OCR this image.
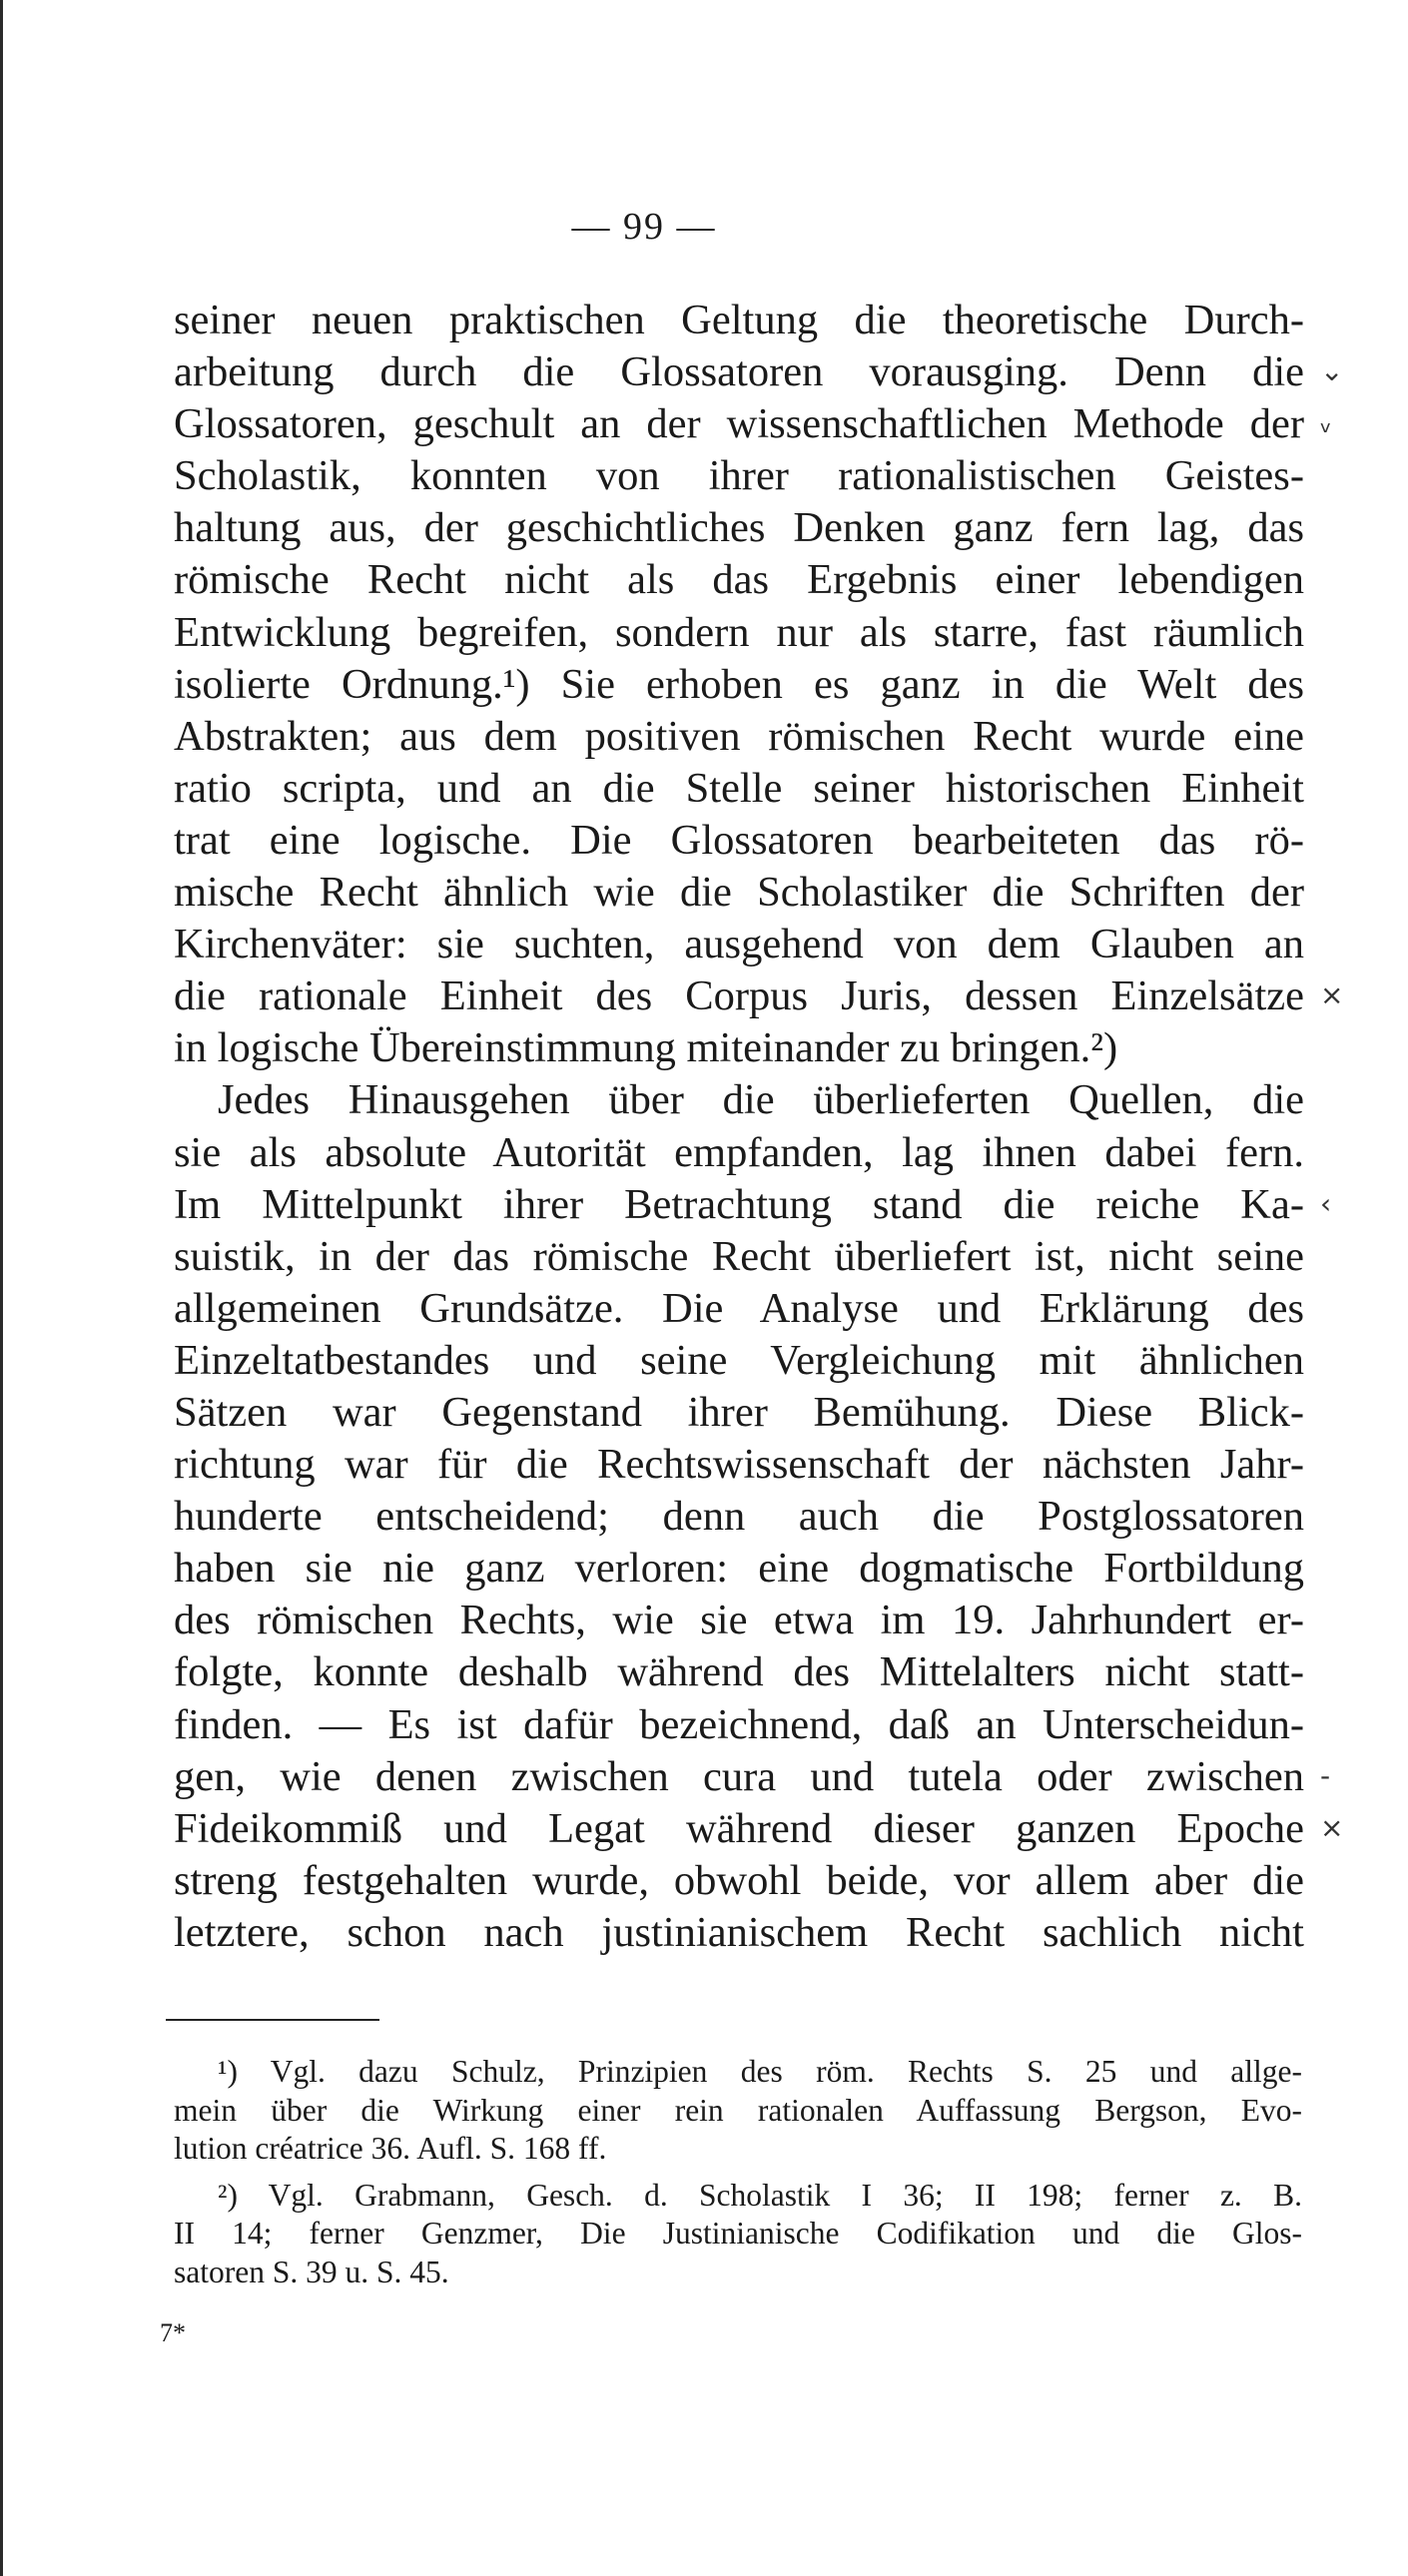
— 99 —
seiner neuen praktischen Geltung die theoretische Durch-
arbeitung durch die Glossatoren vorausging. Denn die
Glossatoren, geschult an der wissenschaftlichen Methode der
Scholastik, konnten von ihrer rationalistischen Geistes-
haltung aus, der geschichtliches Denken ganz fern lag, das
römische Recht nicht als das Ergebnis einer lebendigen
Entwicklung begreifen, sondern nur als starre, fast räumlich
isolierte Ordnung.¹) Sie erhoben es ganz in die Welt des
Abstrakten; aus dem positiven römischen Recht wurde eine
ratio scripta, und an die Stelle seiner historischen Einheit
trat eine logische. Die Glossatoren bearbeiteten das rö-
mische Recht ähnlich wie die Scholastiker die Schriften der
Kirchenväter: sie suchten, ausgehend von dem Glauben an
die rationale Einheit des Corpus Juris, dessen Einzelsätze
in logische Übereinstimmung miteinander zu bringen.²)
Jedes Hinausgehen über die überlieferten Quellen, die
sie als absolute Autorität empfanden, lag ihnen dabei fern.
Im Mittelpunkt ihrer Betrachtung stand die reiche Ka-
suistik, in der das römische Recht überliefert ist, nicht seine
allgemeinen Grundsätze. Die Analyse und Erklärung des
Einzeltatbestandes und seine Vergleichung mit ähnlichen
Sätzen war Gegenstand ihrer Bemühung. Diese Blick-
richtung war für die Rechtswissenschaft der nächsten Jahr-
hunderte entscheidend; denn auch die Postglossatoren
haben sie nie ganz verloren: eine dogmatische Fortbildung
des römischen Rechts, wie sie etwa im 19. Jahrhundert er-
folgte, konnte deshalb während des Mittelalters nicht statt-
finden. — Es ist dafür bezeichnend, daß an Unterscheidun-
gen, wie denen zwischen cura und tutela oder zwischen
Fideikommiß und Legat während dieser ganzen Epoche
streng festgehalten wurde, obwohl beide, vor allem aber die
letztere, schon nach justinianischem Recht sachlich nicht
¹) Vgl. dazu Schulz, Prinzipien des röm. Rechts S. 25 und allge-
mein über die Wirkung einer rein rationalen Auffassung Bergson, Evo-
lution créatrice 36. Aufl. S. 168 ff.
²) Vgl. Grabmann, Gesch. d. Scholastik I 36; II 198; ferner z. B.
II 14; ferner Genzmer, Die Justinianische Codifikation und die Glos-
satoren S. 39 u. S. 45.
7*
⌄
ᵥ
×
‹
-
×
